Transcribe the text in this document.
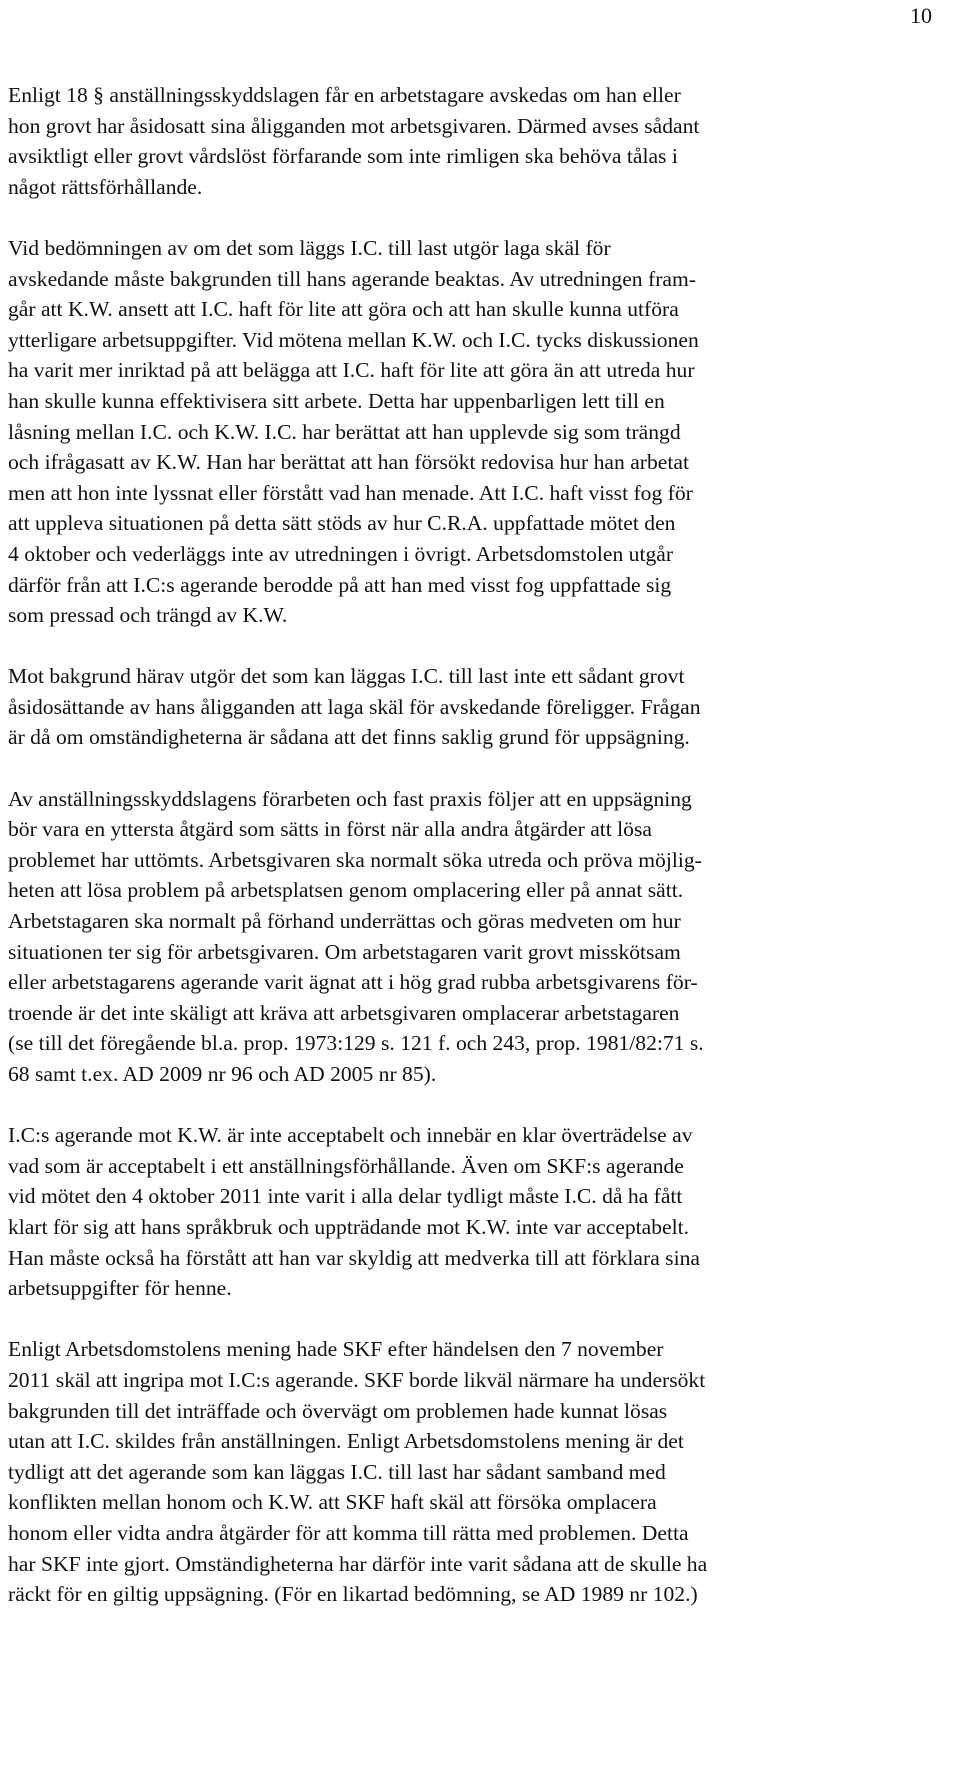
10
Enligt 18 § anställningsskyddslagen får en arbetstagare avskedas om han eller
hon grovt har åsidosatt sina åligganden mot arbetsgivaren. Därmed avses sådant
avsiktligt eller grovt vårdslöst förfarande som inte rimligen ska behöva tålas i
något rättsförhållande.
Vid bedömningen av om det som läggs I.C. till last utgör laga skäl för
avskedande måste bakgrunden till hans agerande beaktas. Av utredningen fram-
går att K.W. ansett att I.C. haft för lite att göra och att han skulle kunna utföra
ytterligare arbetsuppgifter. Vid mötena mellan K.W. och I.C. tycks diskussionen
ha varit mer inriktad på att belägga att I.C. haft för lite att göra än att utreda hur
han skulle kunna effektivisera sitt arbete. Detta har uppenbarligen lett till en
låsning mellan I.C. och K.W. I.C. har berättat att han upplevde sig som trängd
och ifrågasatt av K.W. Han har berättat att han försökt redovisa hur han arbetat
men att hon inte lyssnat eller förstått vad han menade. Att I.C. haft visst fog för
att uppleva situationen på detta sätt stöds av hur C.R.A. uppfattade mötet den
4 oktober och vederläggs inte av utredningen i övrigt. Arbetsdomstolen utgår
därför från att I.C:s agerande berodde på att han med visst fog uppfattade sig
som pressad och trängd av K.W.
Mot bakgrund härav utgör det som kan läggas I.C. till last inte ett sådant grovt
åsidosättande av hans åligganden att laga skäl för avskedande föreligger. Frågan
är då om omständigheterna är sådana att det finns saklig grund för uppsägning.
Av anställningsskyddslagens förarbeten och fast praxis följer att en uppsägning
bör vara en yttersta åtgärd som sätts in först när alla andra åtgärder att lösa
problemet har uttömts. Arbetsgivaren ska normalt söka utreda och pröva möjlig-
heten att lösa problem på arbetsplatsen genom omplacering eller på annat sätt.
Arbetstagaren ska normalt på förhand underrättas och göras medveten om hur
situationen ter sig för arbetsgivaren. Om arbetstagaren varit grovt misskötsam
eller arbetstagarens agerande varit ägnat att i hög grad rubba arbetsgivarens för-
troende är det inte skäligt att kräva att arbetsgivaren omplacerar arbetstagaren
(se till det föregående bl.a. prop. 1973:129 s. 121 f. och 243, prop. 1981/82:71 s.
68 samt t.ex. AD 2009 nr 96 och AD 2005 nr 85).
I.C:s agerande mot K.W. är inte acceptabelt och innebär en klar överträdelse av
vad som är acceptabelt i ett anställningsförhållande. Även om SKF:s agerande
vid mötet den 4 oktober 2011 inte varit i alla delar tydligt måste I.C. då ha fått
klart för sig att hans språkbruk och uppträdande mot K.W. inte var acceptabelt.
Han måste också ha förstått att han var skyldig att medverka till att förklara sina
arbetsuppgifter för henne.
Enligt Arbetsdomstolens mening hade SKF efter händelsen den 7 november
2011 skäl att ingripa mot I.C:s agerande. SKF borde likväl närmare ha undersökt
bakgrunden till det inträffade och övervägt om problemen hade kunnat lösas
utan att I.C. skildes från anställningen. Enligt Arbetsdomstolens mening är det
tydligt att det agerande som kan läggas I.C. till last har sådant samband med
konflikten mellan honom och K.W. att SKF haft skäl att försöka omplacera
honom eller vidta andra åtgärder för att komma till rätta med problemen. Detta
har SKF inte gjort. Omständigheterna har därför inte varit sådana att de skulle ha
räckt för en giltig uppsägning. (För en likartad bedömning, se AD 1989 nr 102.)
